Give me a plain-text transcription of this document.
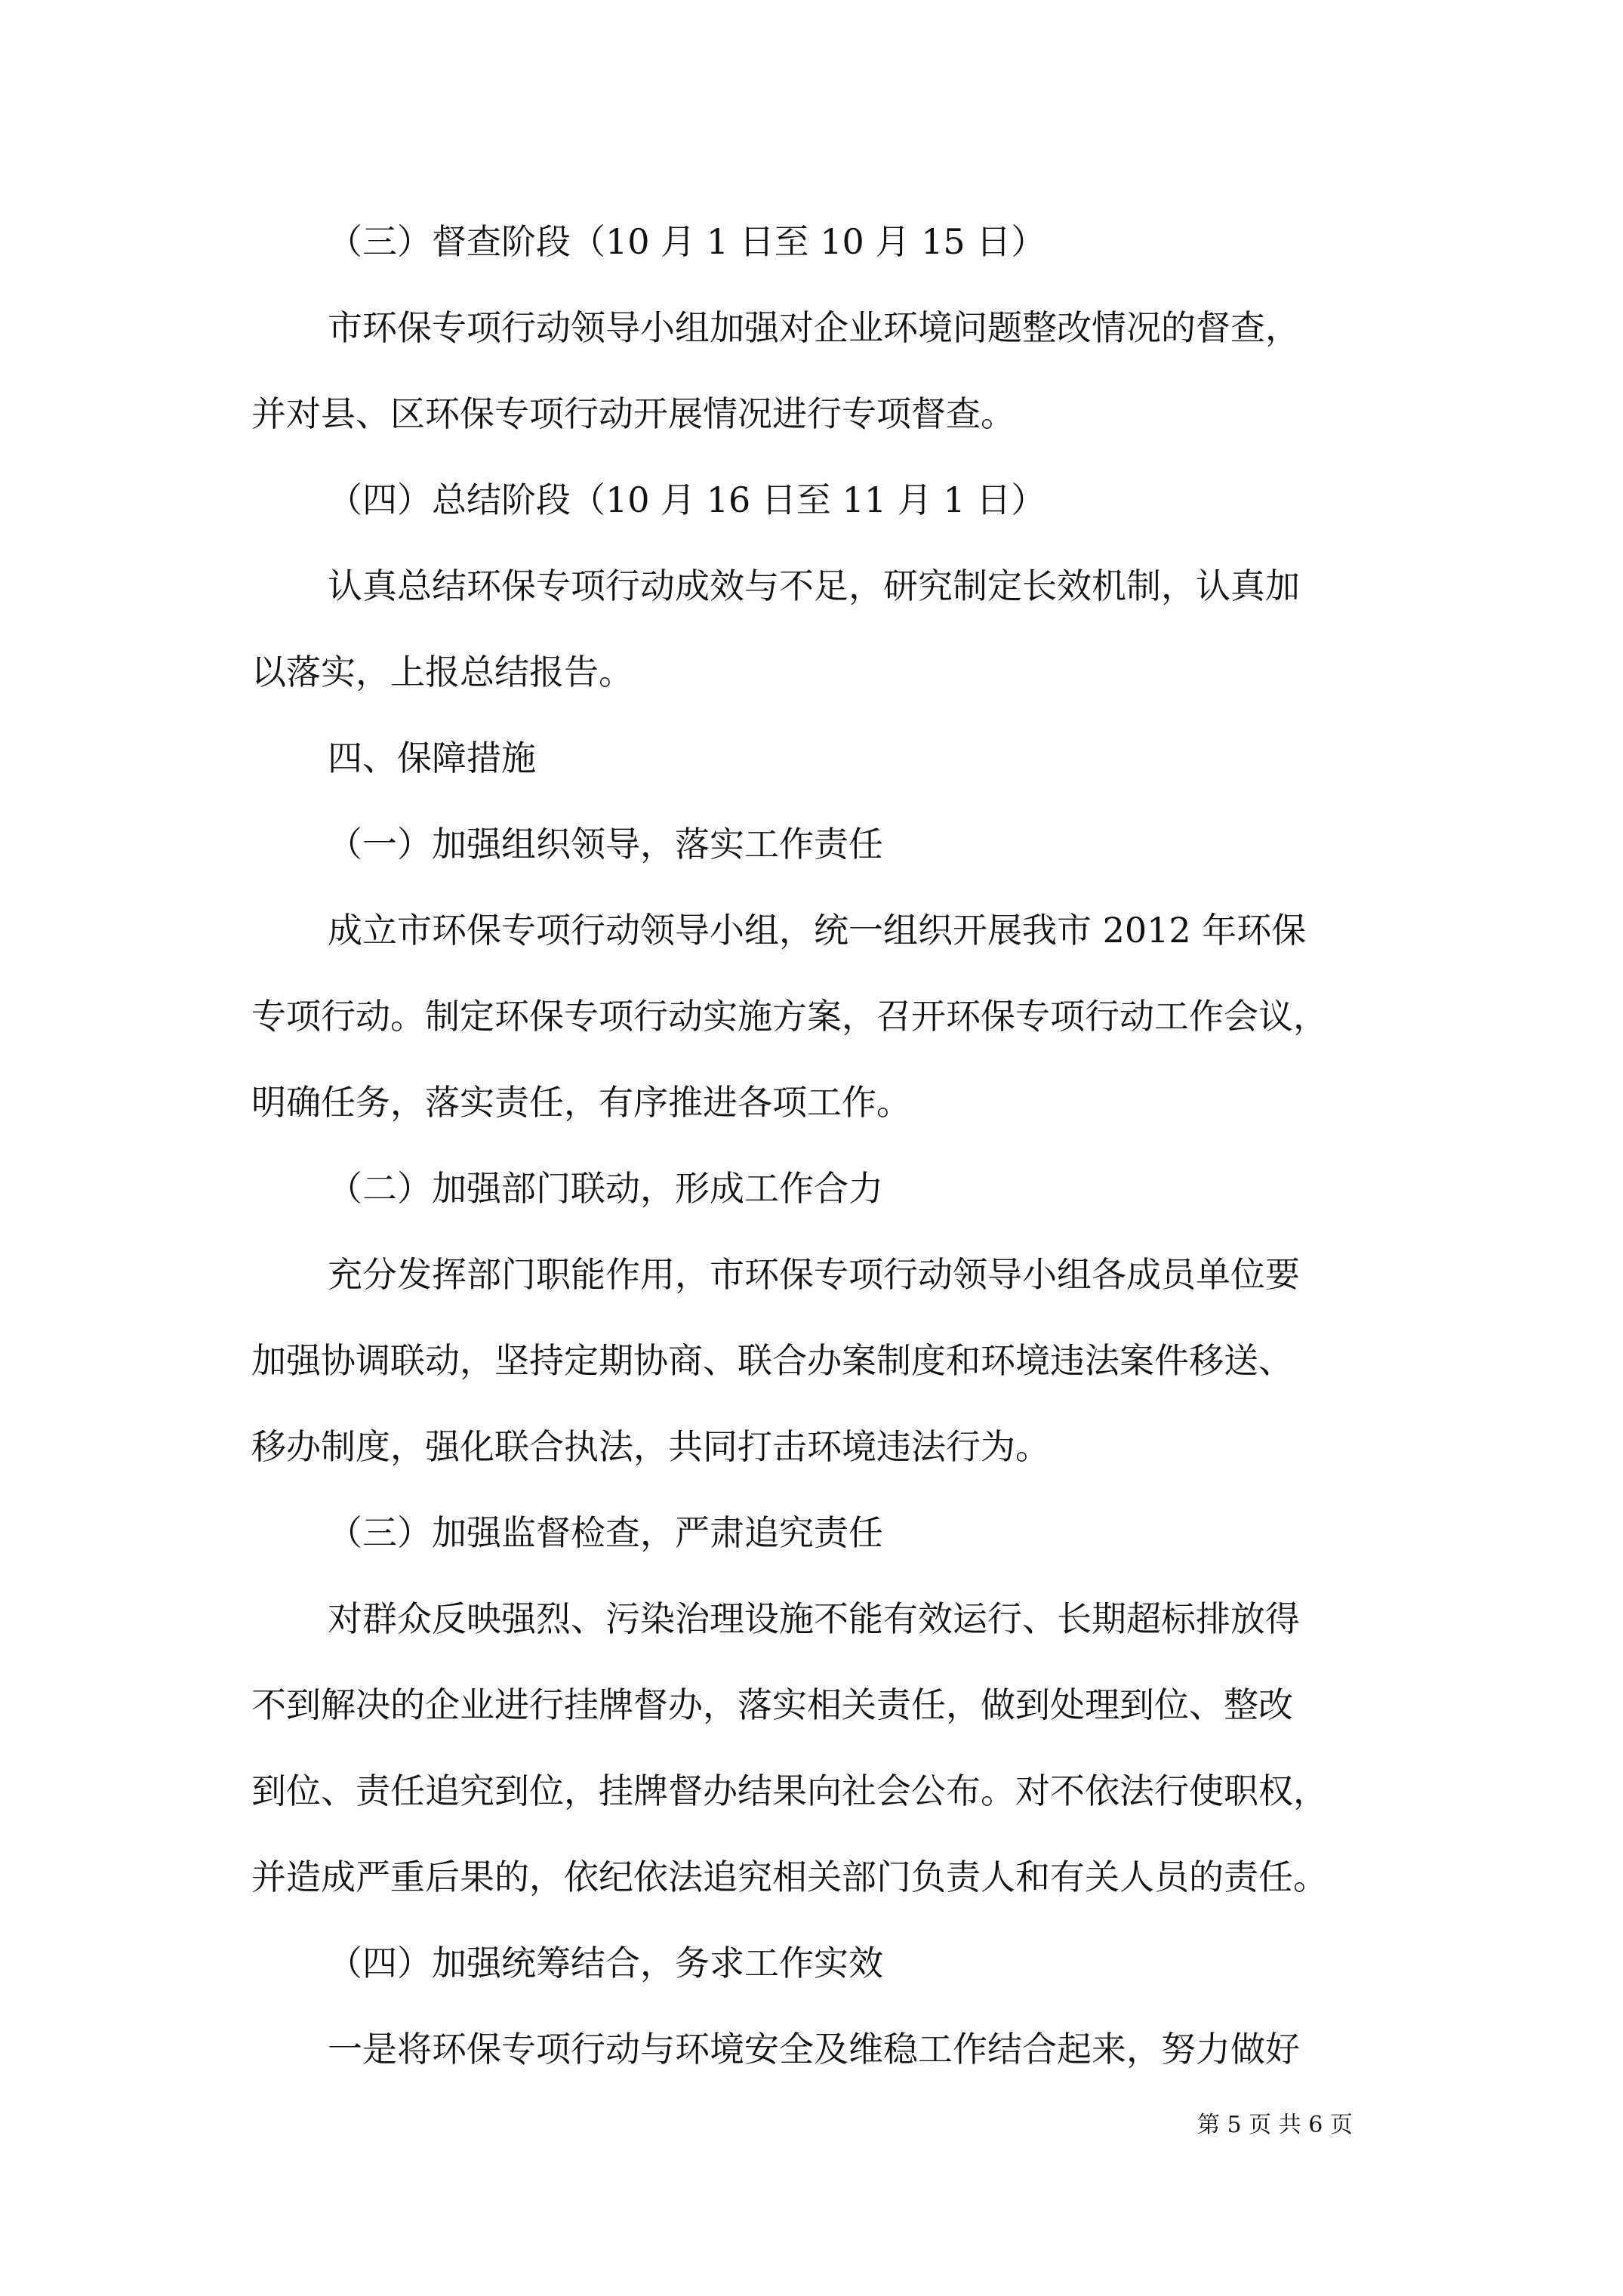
（三）督查阶段（10 月 1 日至 10 月 15 日）
市环保专项行动领导小组加强对企业环境问题整改情况的督查，
并对县、区环保专项行动开展情况进行专项督查。
（四）总结阶段（10 月 16 日至 11 月 1 日）
认真总结环保专项行动成效与不足，研究制定长效机制，认真加
以落实，上报总结报告。
四、保障措施
（一）加强组织领导，落实工作责任
成立市环保专项行动领导小组，统一组织开展我市 2012 年环保
专项行动。制定环保专项行动实施方案，召开环保专项行动工作会议，
明确任务，落实责任，有序推进各项工作。
（二）加强部门联动，形成工作合力
充分发挥部门职能作用，市环保专项行动领导小组各成员单位要
加强协调联动，坚持定期协商、联合办案制度和环境违法案件移送、
移办制度，强化联合执法，共同打击环境违法行为。
（三）加强监督检查，严肃追究责任
对群众反映强烈、污染治理设施不能有效运行、长期超标排放得
不到解决的企业进行挂牌督办，落实相关责任，做到处理到位、整改
到位、责任追究到位，挂牌督办结果向社会公布。对不依法行使职权，
并造成严重后果的，依纪依法追究相关部门负责人和有关人员的责任。
（四）加强统筹结合，务求工作实效
一是将环保专项行动与环境安全及维稳工作结合起来，努力做好
第 5 页 共 6 页
